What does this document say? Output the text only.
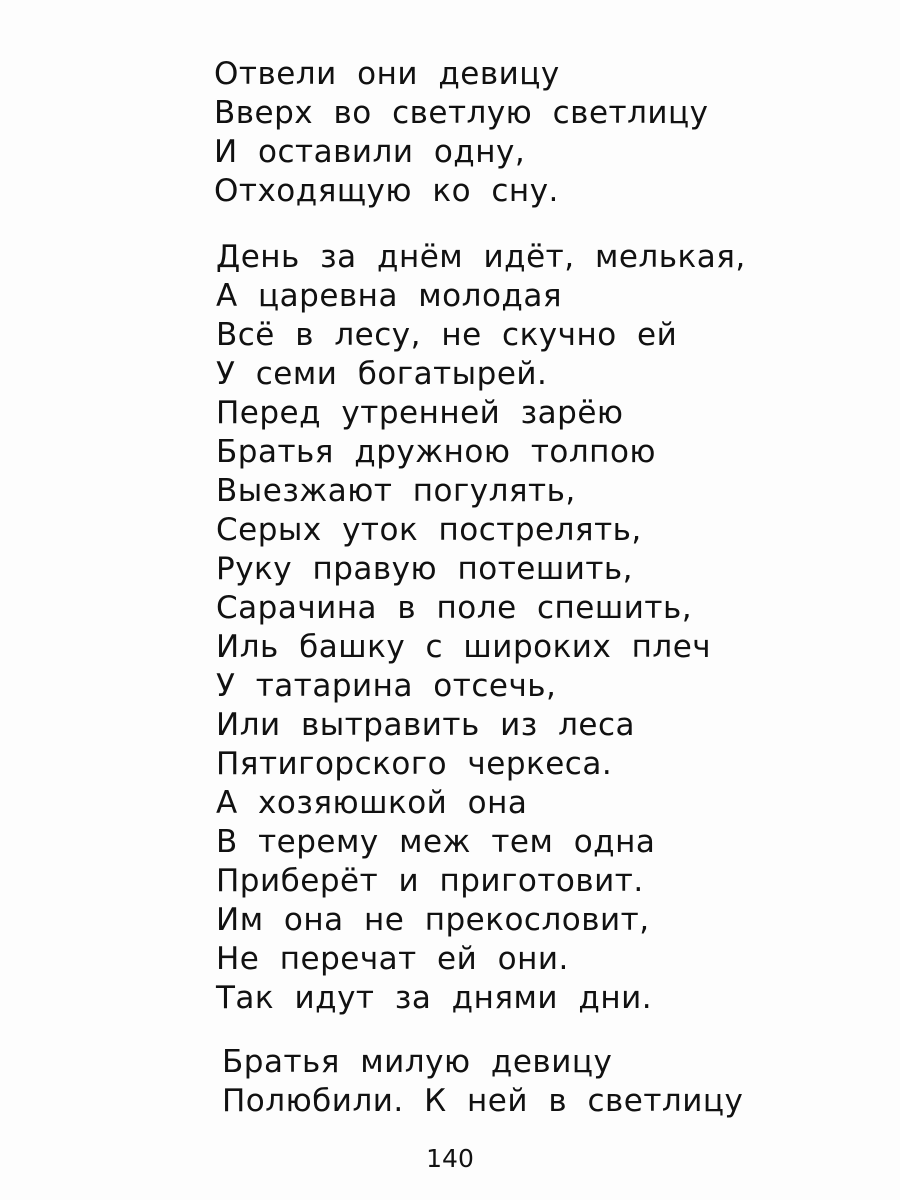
Отвели они девицу
Вверх во светлую светлицу
И оставили одну,
Отходящую ко сну.
День за днём идёт, мелькая,
А царевна молодая
Всё в лесу, не скучно ей
У семи богатырей.
Перед утренней зарёю
Братья дружною толпою
Выезжают погулять,
Серых уток пострелять,
Руку правую потешить,
Сарачина в поле спешить,
Иль башку с широких плеч
У татарина отсечь,
Или вытравить из леса
Пятигорского черкеса.
А хозяюшкой она
В терему меж тем одна
Приберёт и приготовит.
Им она не прекословит,
Не перечат ей они.
Так идут за днями дни.
Братья милую девицу
Полюбили. К ней в светлицу
140
